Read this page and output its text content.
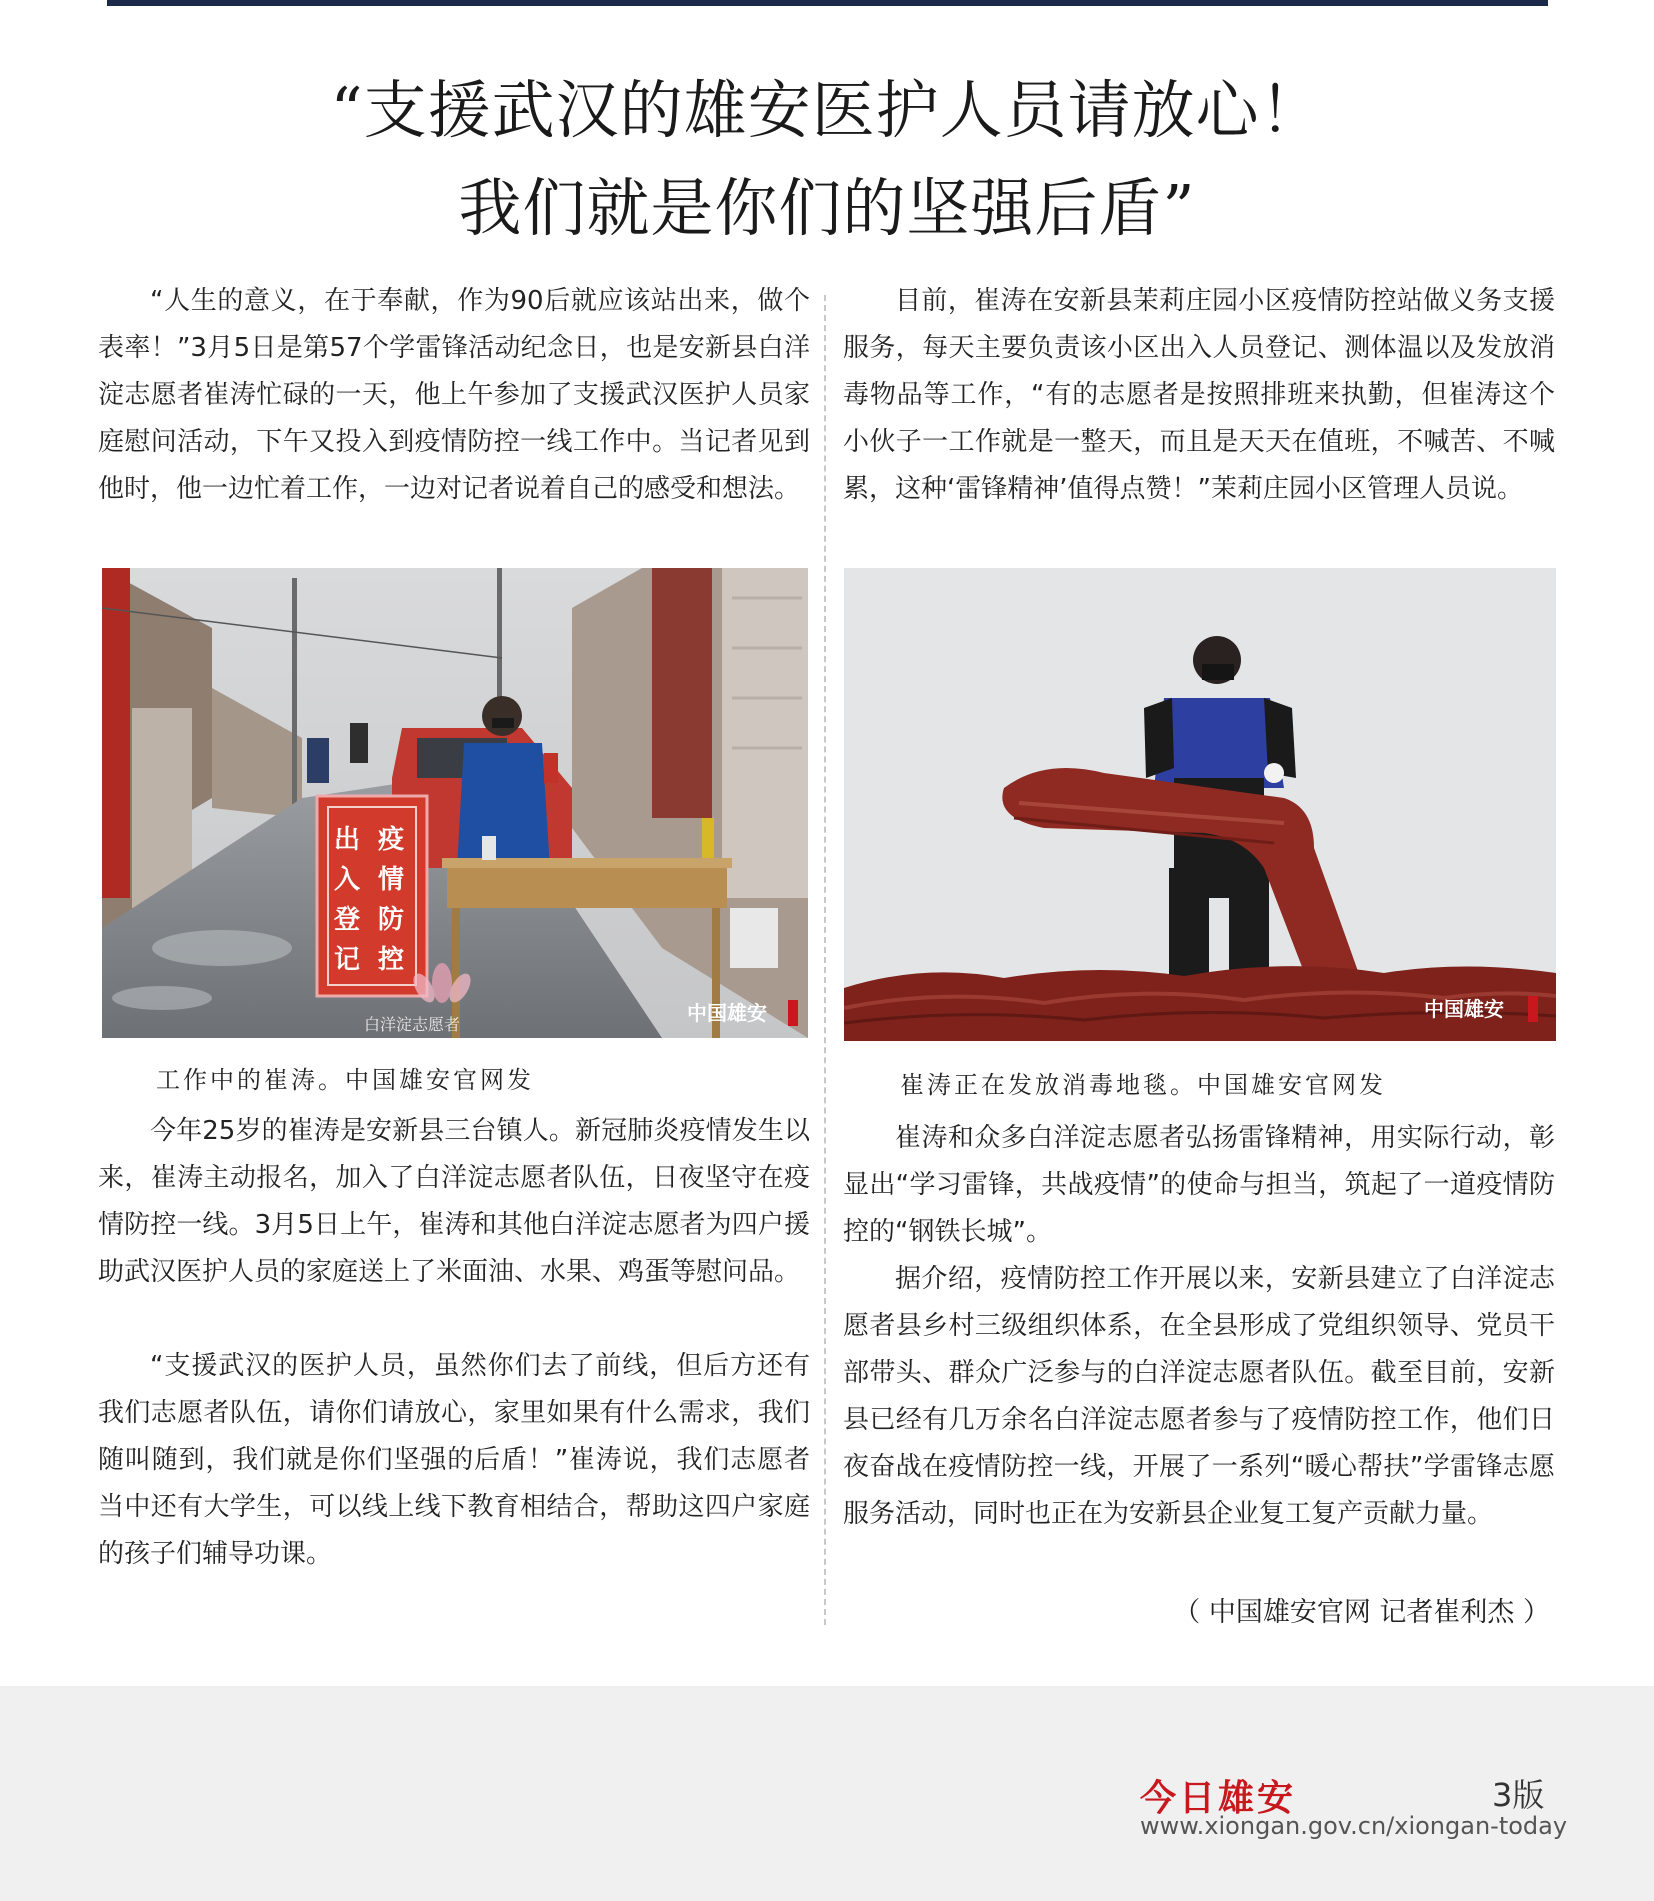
“支援武汉的雄安医护人员请放心！
我们就是你们的坚强后盾”

“人生的意义，在于奉献，作为90后就应该站出来，做个表率！”3月5日是第57个学雷锋活动纪念日，也是安新县白洋淀志愿者崔涛忙碌的一天，他上午参加了支援武汉医护人员家庭慰问活动，下午又投入到疫情防控一线工作中。当记者见到他时，他一边忙着工作，一边对记者说着自己的感受和想法。

出 疫
入 情
登 防
记 控
白洋淀志愿者	中国雄安
工作中的崔涛。中国雄安官网发

今年25岁的崔涛是安新县三台镇人。新冠肺炎疫情发生以来，崔涛主动报名，加入了白洋淀志愿者队伍，日夜坚守在疫情防控一线。3月5日上午，崔涛和其他白洋淀志愿者为四户援助武汉医护人员的家庭送上了米面油、水果、鸡蛋等慰问品。

“支援武汉的医护人员，虽然你们去了前线，但后方还有我们志愿者队伍，请你们请放心，家里如果有什么需求，我们随叫随到，我们就是你们坚强的后盾！”崔涛说，我们志愿者当中还有大学生，可以线上线下教育相结合，帮助这四户家庭的孩子们辅导功课。

目前，崔涛在安新县茉莉庄园小区疫情防控站做义务支援服务，每天主要负责该小区出入人员登记、测体温以及发放消毒物品等工作，“有的志愿者是按照排班来执勤，但崔涛这个小伙子一工作就是一整天，而且是天天在值班，不喊苦、不喊累，这种‘雷锋精神’值得点赞！”茉莉庄园小区管理人员说。

中国雄安
崔涛正在发放消毒地毯。中国雄安官网发

崔涛和众多白洋淀志愿者弘扬雷锋精神，用实际行动，彰显出“学习雷锋，共战疫情”的使命与担当，筑起了一道疫情防控的“钢铁长城”。

据介绍，疫情防控工作开展以来，安新县建立了白洋淀志愿者县乡村三级组织体系，在全县形成了党组织领导、党员干部带头、群众广泛参与的白洋淀志愿者队伍。截至目前，安新县已经有几万余名白洋淀志愿者参与了疫情防控工作，他们日夜奋战在疫情防控一线，开展了一系列“暖心帮扶”学雷锋志愿服务活动，同时也正在为安新县企业复工复产贡献力量。

（ 中国雄安官网 记者崔利杰 ）
今日雄安	3版
www.xiongan.gov.cn/xiongan-today
